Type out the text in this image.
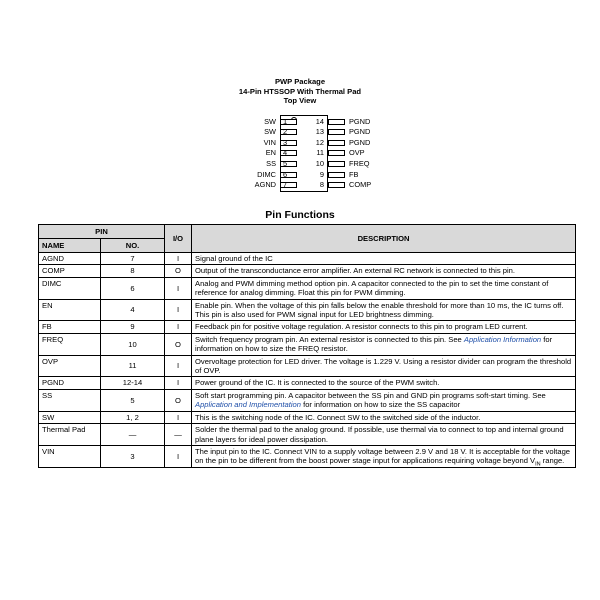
PWP Package
14-Pin HTSSOP With Thermal Pad
Top View
SW 1
SW 2
VIN 3
EN 4
SS 5
DIMC 6
AGND 7
PGND
14
PGND
13
PGND
12
OVP
11
FREQ
10
FB
9
COMP
8
Pin Functions
PIN		I/O	DESCRIPTION
NAME	NO.		
AGND	7	I	Signal ground of the IC
COMP	8	O	Output of the transconductance error amplifier. An external RC network is connected to this pin.
DIMC	6	I	Analog and PWM dimming method option pin. A capacitor connected to the pin to set the time constant of reference for analog dimming. Float this pin for PWM dimming.
EN	4	I	Enable pin. When the voltage of this pin falls below the enable threshold for more than 10 ms, the IC turns off. This pin is also used for PWM signal input for LED brightness dimming.
FB	9	I	Feedback pin for positive voltage regulation. A resistor connects to this pin to program LED current.
FREQ	10	O	Switch frequency program pin. An external resistor is connected to this pin. See Application Information for information on how to size the FREQ resistor.
OVP	11	I	Overvoltage protection for LED driver. The voltage is 1.229 V. Using a resistor divider can program the threshold of OVP.
PGND	12-14	I	Power ground of the IC. It is connected to the source of the PWM switch.
SS	5	O	Soft start programming pin. A capacitor between the SS pin and GND pin programs soft-start timing. See Application and Implementation for information on how to size the SS capacitor
SW	1, 2	I	This is the switching node of the IC. Connect SW to the switched side of the inductor.
Thermal Pad	—	—	Solder the thermal pad to the analog ground. If possible, use thermal via to connect to top and internal ground plane layers for ideal power dissipation.
VIN	3	I	The input pin to the IC. Connect VIN to a supply voltage between 2.9 V and 18 V. It is acceptable for the voltage on the pin to be different from the boost power stage input for applications requiring voltage beyond $V_{IN}$ range.
